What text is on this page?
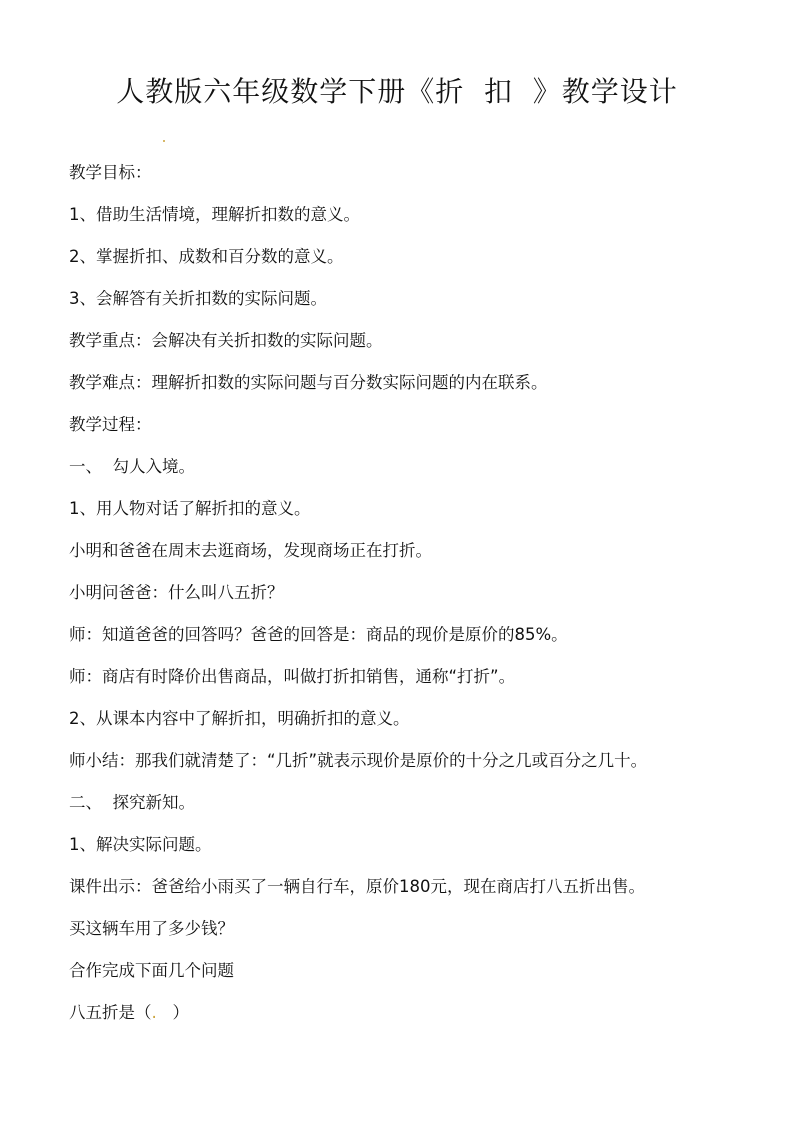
人教版六年级数学下册《折  扣  》教学设计
教学目标：
1、借助生活情境，理解折扣数的意义。
2、掌握折扣、成数和百分数的意义。
3、会解答有关折扣数的实际问题。
教学重点：会解决有关折扣数的实际问题。
教学难点：理解折扣数的实际问题与百分数实际问题的内在联系。
教学过程：
一、  勾人入境。
1、用人物对话了解折扣的意义。
小明和爸爸在周末去逛商场，发现商场正在打折。
小明问爸爸：什么叫八五折？
师：知道爸爸的回答吗？爸爸的回答是：商品的现价是原价的85%。
师：商店有时降价出售商品，叫做打折扣销售，通称“打折”。
2、从课本内容中了解折扣，明确折扣的意义。
师小结：那我们就清楚了：“几折”就表示现价是原价的十分之几或百分之几十。
二、  探究新知。
1、解决实际问题。
课件出示：爸爸给小雨买了一辆自行车，原价180元，现在商店打八五折出售。
买这辆车用了多少钱？
合作完成下面几个问题
八五折是（.   ）
